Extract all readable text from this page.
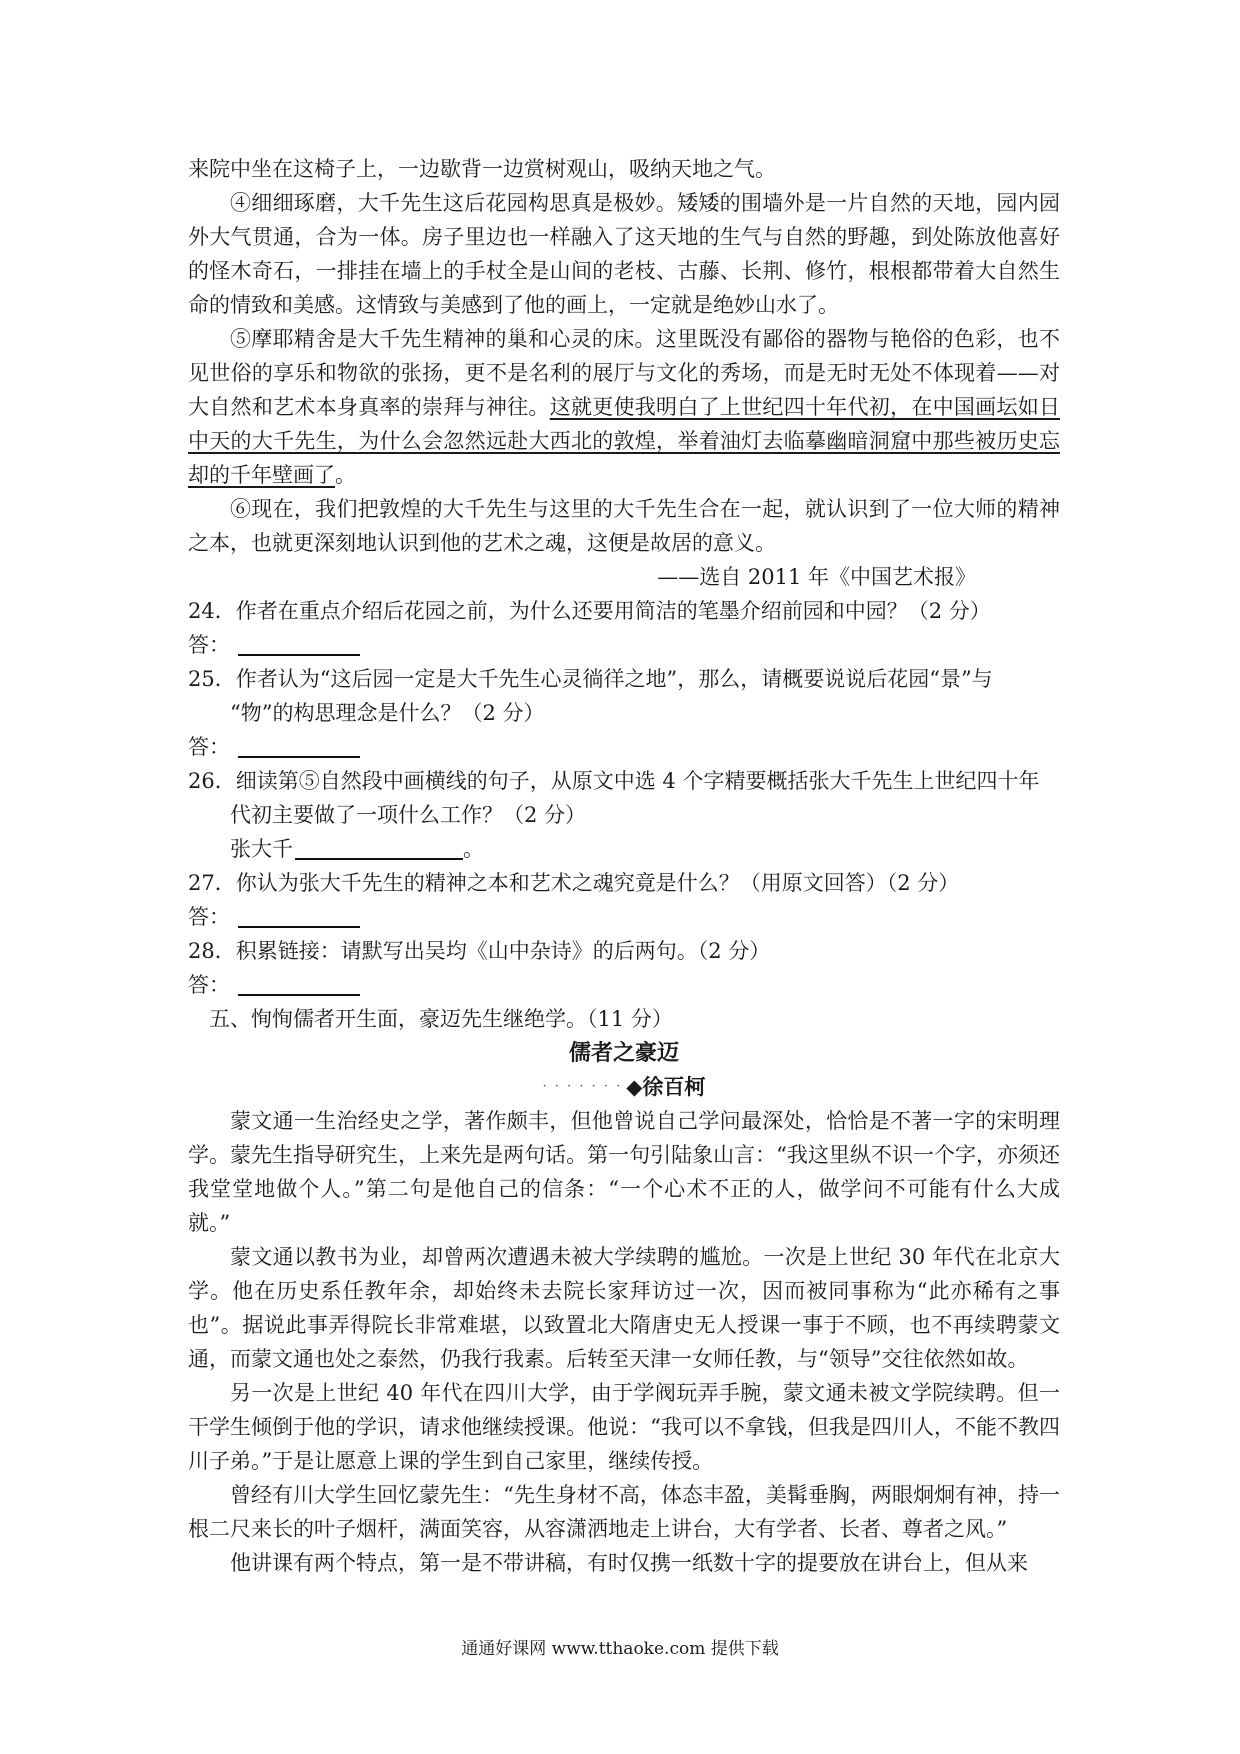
来院中坐在这椅子上，一边歇背一边赏树观山，吸纳天地之气。

④细细琢磨，大千先生这后花园构思真是极妙。矮矮的围墙外是一片自然的天地，园内园外大气贯通，合为一体。房子里边也一样融入了这天地的生气与自然的野趣，到处陈放他喜好的怪木奇石，一排挂在墙上的手杖全是山间的老枝、古藤、长荆、修竹，根根都带着大自然生命的情致和美感。这情致与美感到了他的画上，一定就是绝妙山水了。

⑤摩耶精舍是大千先生精神的巢和心灵的床。这里既没有鄙俗的器物与艳俗的色彩，也不见世俗的享乐和物欲的张扬，更不是名利的展厅与文化的秀场，而是无时无处不体现着——对大自然和艺术本身真率的崇拜与神往。这就更使我明白了上世纪四十年代初，在中国画坛如日中天的大千先生，为什么会忽然远赴大西北的敦煌，举着油灯去临摹幽暗洞窟中那些被历史忘却的千年壁画了。

⑥现在，我们把敦煌的大千先生与这里的大千先生合在一起，就认识到了一位大师的精神之本，也就更深刻地认识到他的艺术之魂，这便是故居的意义。

——选自 2011 年《中国艺术报》

24．作者在重点介绍后花园之前，为什么还要用简洁的笔墨介绍前园和中园？（2 分）
答：
25．作者认为“这后园一定是大千先生心灵徜徉之地”，那么，请概要说说后花园“景”与
“物”的构思理念是什么？（2 分）
答：
26．细读第⑤自然段中画横线的句子，从原文中选 4 个字精要概括张大千先生上世纪四十年
代初主要做了一项什么工作？（2 分）
张大千	。
27．你认为张大千先生的精神之本和艺术之魂究竟是什么？（用原文回答）（2 分）
答：
28．积累链接：请默写出吴均《山中杂诗》的后两句。（2 分）
答：

五、恂恂儒者开生面，豪迈先生继绝学。（11 分）

儒者之豪迈

· · · · · · · ◆徐百柯

蒙文通一生治经史之学，著作颇丰，但他曾说自己学问最深处，恰恰是不著一字的宋明理学。蒙先生指导研究生，上来先是两句话。第一句引陆象山言：“我这里纵不识一个字，亦须还我堂堂地做个人。”第二句是他自己的信条：“一个心术不正的人，做学问不可能有什么大成就。”

蒙文通以教书为业，却曾两次遭遇未被大学续聘的尴尬。一次是上世纪 30 年代在北京大学。他在历史系任教年余，却始终未去院长家拜访过一次，因而被同事称为“此亦稀有之事也”。据说此事弄得院长非常难堪，以致置北大隋唐史无人授课一事于不顾，也不再续聘蒙文通，而蒙文通也处之泰然，仍我行我素。后转至天津一女师任教，与“领导”交往依然如故。

另一次是上世纪 40 年代在四川大学，由于学阀玩弄手腕，蒙文通未被文学院续聘。但一干学生倾倒于他的学识，请求他继续授课。他说：“我可以不拿钱，但我是四川人，不能不教四川子弟。”于是让愿意上课的学生到自己家里，继续传授。

曾经有川大学生回忆蒙先生：“先生身材不高，体态丰盈，美髯垂胸，两眼炯炯有神，持一根二尺来长的叶子烟杆，满面笑容，从容潇洒地走上讲台，大有学者、长者、尊者之风。”

他讲课有两个特点，第一是不带讲稿，有时仅携一纸数十字的提要放在讲台上，但从来

通通好课网 www.tthaoke.com 提供下载
